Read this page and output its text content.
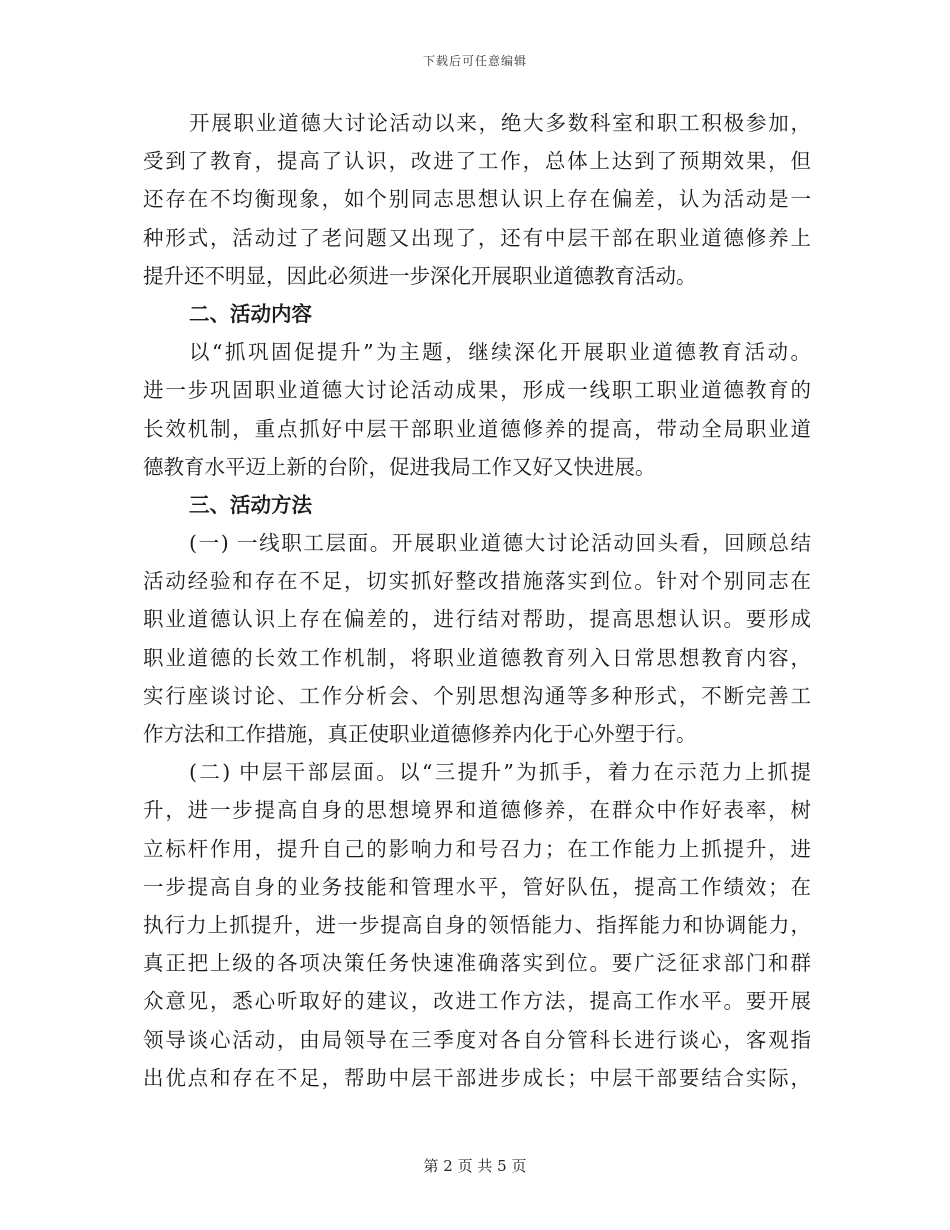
下载后可任意编辑
开展职业道德大讨论活动以来，绝大多数科室和职工积极参加，
受到了教育，提高了认识，改进了工作，总体上达到了预期效果，但
还存在不均衡现象，如个别同志思想认识上存在偏差，认为活动是一
种形式，活动过了老问题又出现了，还有中层干部在职业道德修养上
提升还不明显，因此必须进一步深化开展职业道德教育活动。
二、活动内容
以“抓巩固促提升”为主题，继续深化开展职业道德教育活动。
进一步巩固职业道德大讨论活动成果，形成一线职工职业道德教育的
长效机制，重点抓好中层干部职业道德修养的提高，带动全局职业道
德教育水平迈上新的台阶，促进我局工作又好又快进展。
三、活动方法
(一) 一线职工层面。开展职业道德大讨论活动回头看，回顾总结
活动经验和存在不足，切实抓好整改措施落实到位。针对个别同志在
职业道德认识上存在偏差的，进行结对帮助，提高思想认识。要形成
职业道德的长效工作机制，将职业道德教育列入日常思想教育内容，
实行座谈讨论、工作分析会、个别思想沟通等多种形式，不断完善工
作方法和工作措施，真正使职业道德修养内化于心外塑于行。
(二) 中层干部层面。以“三提升”为抓手，着力在示范力上抓提
升，进一步提高自身的思想境界和道德修养，在群众中作好表率，树
立标杆作用，提升自己的影响力和号召力；在工作能力上抓提升，进
一步提高自身的业务技能和管理水平，管好队伍，提高工作绩效；在
执行力上抓提升，进一步提高自身的领悟能力、指挥能力和协调能力，
真正把上级的各项决策任务快速准确落实到位。要广泛征求部门和群
众意见，悉心听取好的建议，改进工作方法，提高工作水平。要开展
领导谈心活动，由局领导在三季度对各自分管科长进行谈心，客观指
出优点和存在不足，帮助中层干部进步成长；中层干部要结合实际，
第 2 页 共 5 页
